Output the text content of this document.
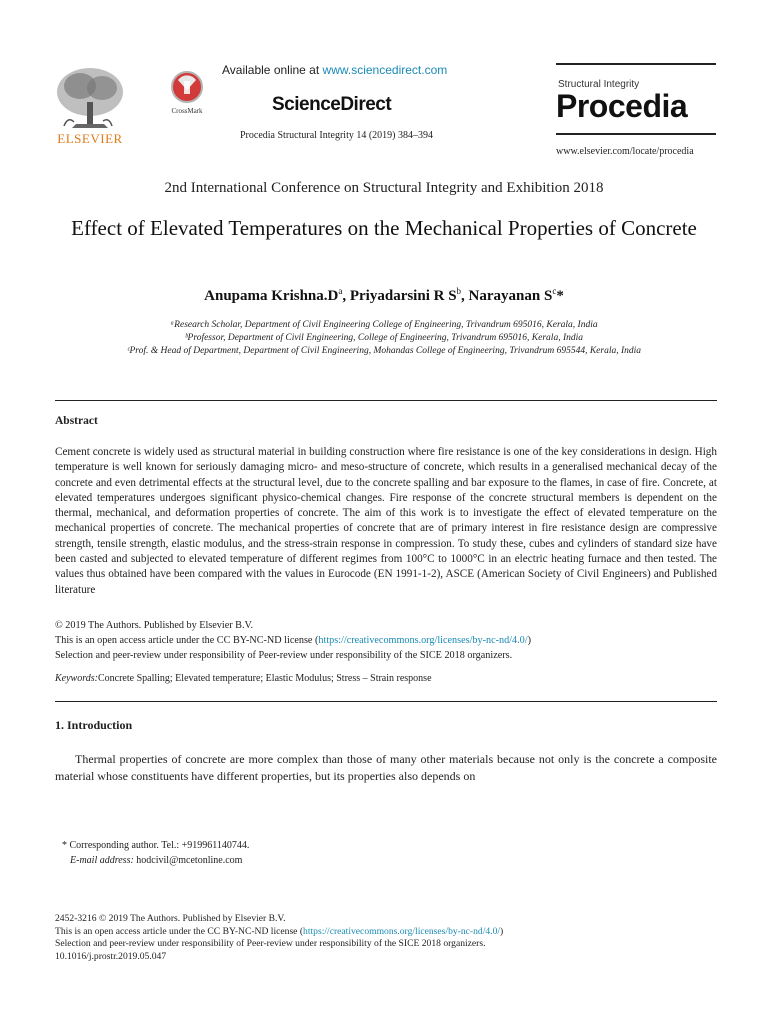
ELSEVIER
CrossMark
Available online at www.sciencedirect.com
ScienceDirect
Procedia Structural Integrity 14 (2019) 384–394
Structural Integrity
Procedia
www.elsevier.com/locate/procedia
2nd International Conference on Structural Integrity and Exhibition 2018
Effect of Elevated Temperatures on the Mechanical Properties of Concrete
Anupama $Krishna.D^a$, Priyadarsini R $S^b$, Narayanan $S^c*$
ᵃResearch Scholar, Department of Civil Engineering College of Engineering, Trivandrum 695016, Kerala, India
ᵇProfessor, Department of Civil Engineering, College of Engineering, Trivandrum 695016, Kerala, India
ᶜProf. & Head of Department, Department of Civil Engineering, Mohandas College of Engineering, Trivandrum 695544, Kerala, India
Abstract
Cement concrete is widely used as structural material in building construction where fire resistance is one of the key considerations in design. High temperature is well known for seriously damaging micro- and meso-structure of concrete, which results in a generalised mechanical decay of the concrete and even detrimental effects at the structural level, due to the concrete spalling and bar exposure to the flames, in case of fire. Concrete, at elevated temperatures undergoes significant physico-chemical changes. Fire response of the concrete structural members is dependent on the thermal, mechanical, and deformation properties of concrete. The aim of this work is to investigate the effect of elevated temperature on the mechanical properties of concrete. The mechanical properties of concrete that are of primary interest in fire resistance design are compressive strength, tensile strength, elastic modulus, and the stress-strain response in compression. To study these, cubes and cylinders of standard size have been casted and subjected to elevated temperature of different regimes from 100°C to 1000°C in an electric heating furnace and then tested. The values thus obtained have been compared with the values in Eurocode (EN 1991-1-2), ASCE (American Society of Civil Engineers) and Published literature
© 2019 The Authors. Published by Elsevier B.V.
This is an open access article under the CC BY-NC-ND license (https://creativecommons.org/licenses/by-nc-nd/4.0/)
Selection and peer-review under responsibility of Peer-review under responsibility of the SICE 2018 organizers.
Keywords:Concrete Spalling; Elevated temperature; Elastic Modulus; Stress – Strain response
1. Introduction
Thermal properties of concrete are more complex than those of many other materials because not only is the concrete a composite material whose constituents have different properties, but its properties also depends on
* Corresponding author. Tel.: +919961140744.
E-mail address: hodcivil@mcetonline.com
2452-3216 © 2019 The Authors. Published by Elsevier B.V.
This is an open access article under the CC BY-NC-ND license (https://creativecommons.org/licenses/by-nc-nd/4.0/)
Selection and peer-review under responsibility of Peer-review under responsibility of the SICE 2018 organizers.
10.1016/j.prostr.2019.05.047
